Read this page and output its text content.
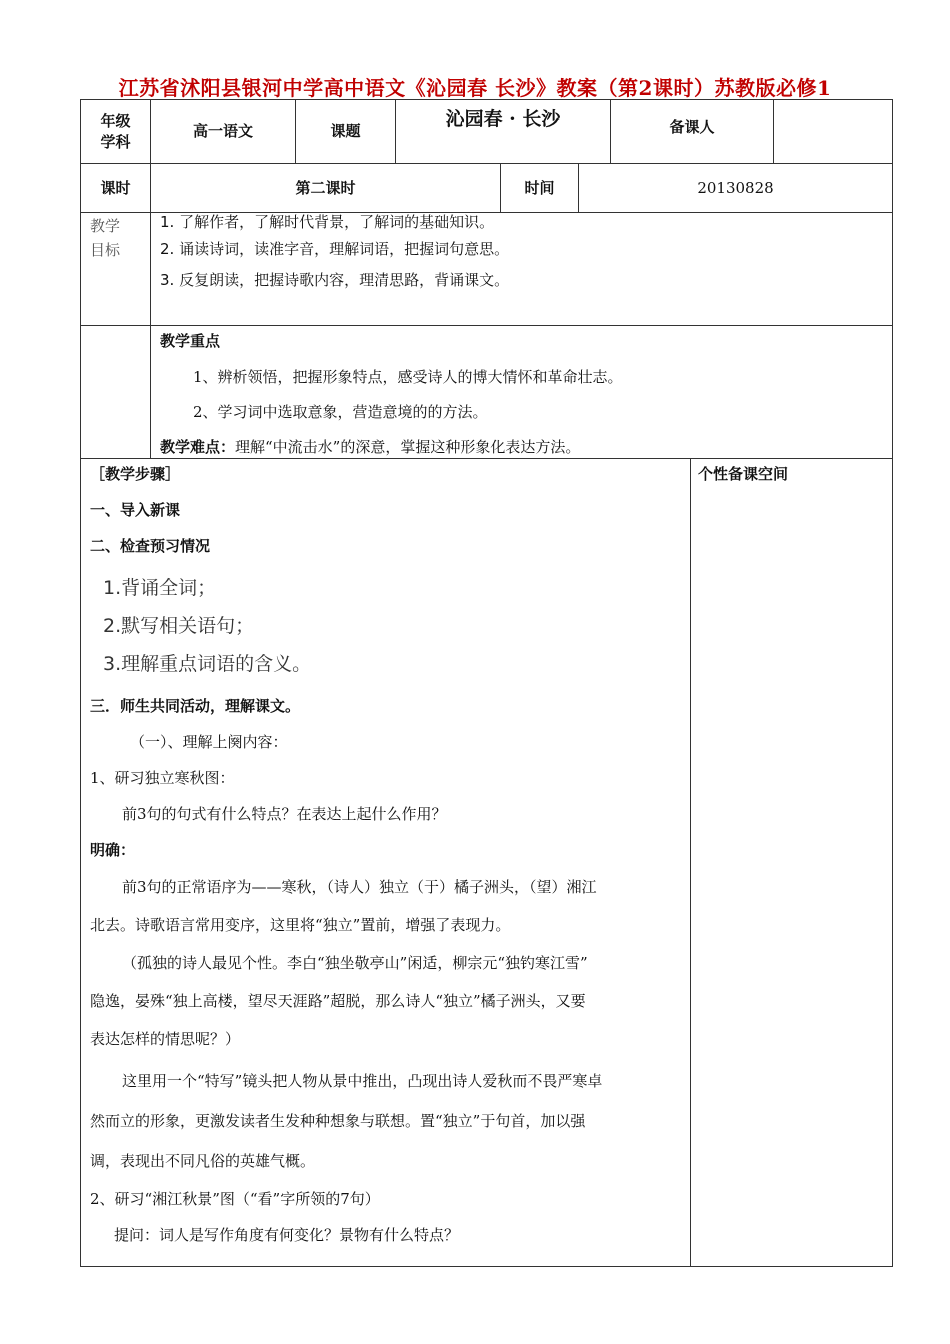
江苏省沭阳县银河中学高中语文《沁园春 长沙》教案（第2课时）苏教版必修1
年级
学科
高一语文	课题
沁园春 · 长沙	备课人
课时	第二课时	时间	20130828
教学
目标
1. 了解作者，了解时代背景，了解词的基础知识。
2. 诵读诗词，读准字音，理解词语，把握词句意思。
3. 反复朗读，把握诗歌内容，理清思路，背诵课文。
教学重点
1、辨析领悟，把握形象特点，感受诗人的博大情怀和革命壮志。
2、学习词中选取意象，营造意境的的方法。
教学难点：理解“中流击水”的深意，掌握这种形象化表达方法。
［教学步骤］	个性备课空间
一、导入新课
二、检查预习情况
1.背诵全词；
2.默写相关语句；
3.理解重点词语的含义。
三．师生共同活动，理解课文。
（一）、理解上阕内容：
1、研习独立寒秋图：
前3句的句式有什么特点？在表达上起什么作用？
明确：
前3句的正常语序为——寒秋，（诗人）独立（于）橘子洲头，（望）湘江
北去。诗歌语言常用变序，这里将“独立”置前，增强了表现力。
（孤独的诗人最见个性。李白“独坐敬亭山”闲适，柳宗元“独钓寒江雪”
隐逸，晏殊“独上高楼，望尽天涯路”超脱，那么诗人“独立”橘子洲头，又要
表达怎样的情思呢？）
这里用一个“特写”镜头把人物从景中推出，凸现出诗人爱秋而不畏严寒卓
然而立的形象，更激发读者生发种种想象与联想。置“独立”于句首，加以强
调，表现出不同凡俗的英雄气概。
2、研习“湘江秋景”图（“看”字所领的7句）
提问：词人是写作角度有何变化？景物有什么特点？
